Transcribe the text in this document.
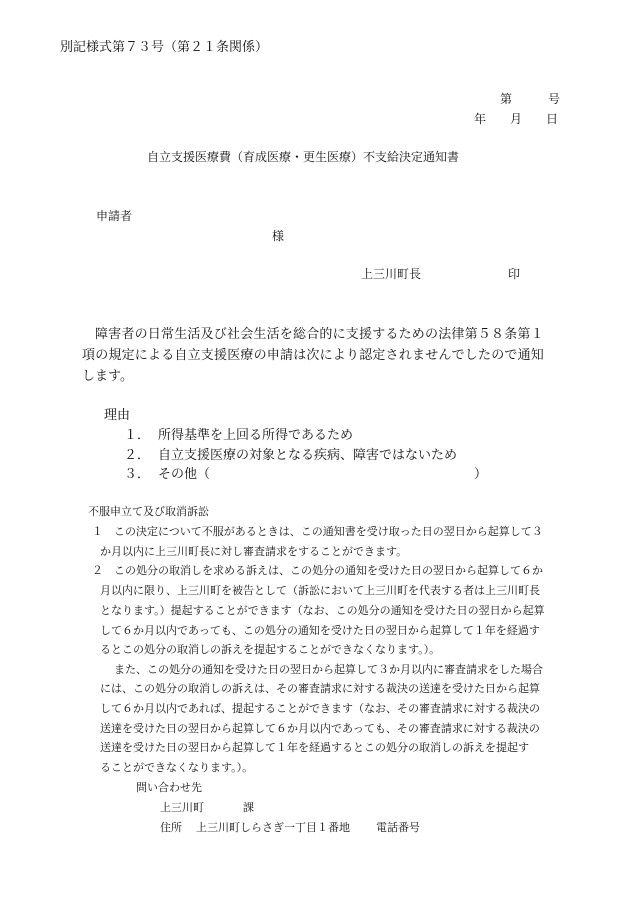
別記様式第７３号（第２１条関係）
第　　　号
年　　月　　日
自立支援医療費（育成医療・更生医療）不支給決定通知書
申請者
様
上三川町長	印
障害者の日常生活及び社会生活を総合的に支援するための法律第５８条第１
項の規定による自立支援医療の申請は次により認定されませんでしたので通知
します。
理由
１． 所得基準を上回る所得であるため
２． 自立支援医療の対象となる疾病、障害ではないため
３． その他（	）
不服申立て及び取消訴訟
１ この決定について不服があるときは、この通知書を受け取った日の翌日から起算して３
か月以内に上三川町長に対し審査請求をすることができます。
２ この処分の取消しを求める訴えは、この処分の通知を受けた日の翌日から起算して６か
月以内に限り、上三川町を被告として（訴訟において上三川町を代表する者は上三川町長
となります。）提起することができます（なお、この処分の通知を受けた日の翌日から起算
して６か月以内であっても、この処分の通知を受けた日の翌日から起算して１年を経過す
るとこの処分の取消しの訴えを提起することができなくなります。）。
また、この処分の通知を受けた日の翌日から起算して３か月以内に審査請求をした場合
には、この処分の取消しの訴えは、その審査請求に対する裁決の送達を受けた日から起算
して６か月以内であれば、提起することができます（なお、その審査請求に対する裁決の
送達を受けた日の翌日から起算して６か月以内であっても、その審査請求に対する裁決の
送達を受けた日の翌日から起算して１年を経過するとこの処分の取消しの訴えを提起す
ることができなくなります。）。
問い合わせ先
上三川町	課
住所 上三川町しらさぎ一丁目１番地 電話番号
